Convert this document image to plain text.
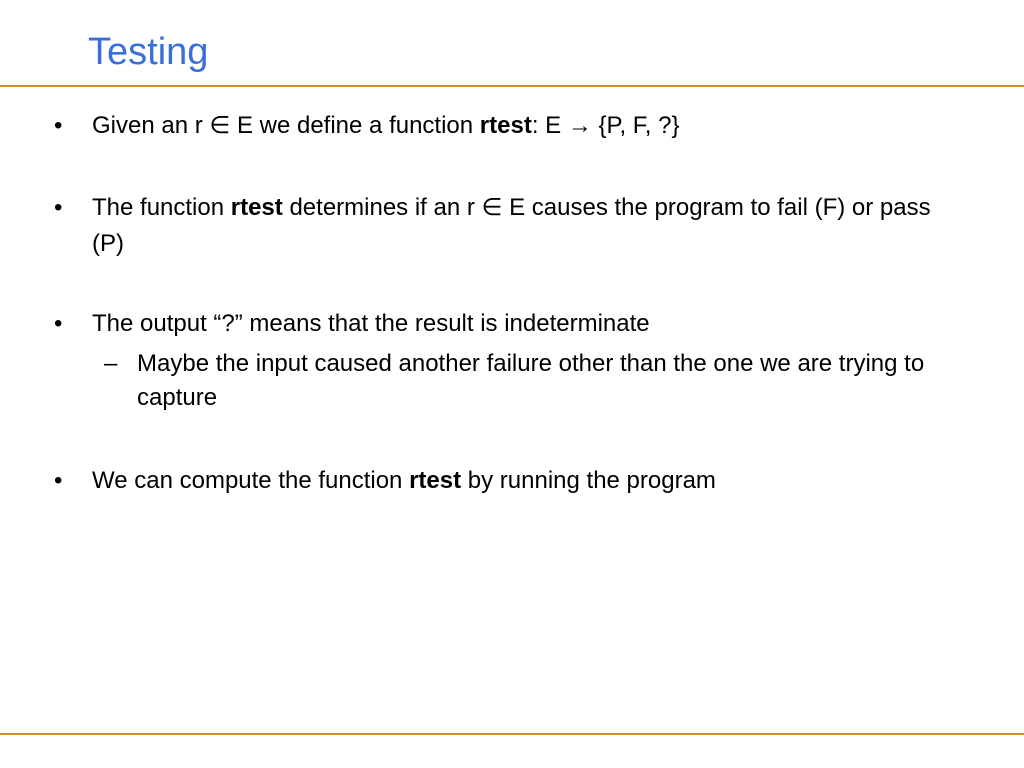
Testing
•	Given an r ∈ E we define a function rtest: E → {P, F, ?}
•	The function rtest determines if an r ∈ E causes the program to fail (F) or pass (P)
•	The output “?” means that the result is indeterminate
– Maybe the input caused another failure other than the one we are trying to capture
•	We can compute the function rtest by running the program
